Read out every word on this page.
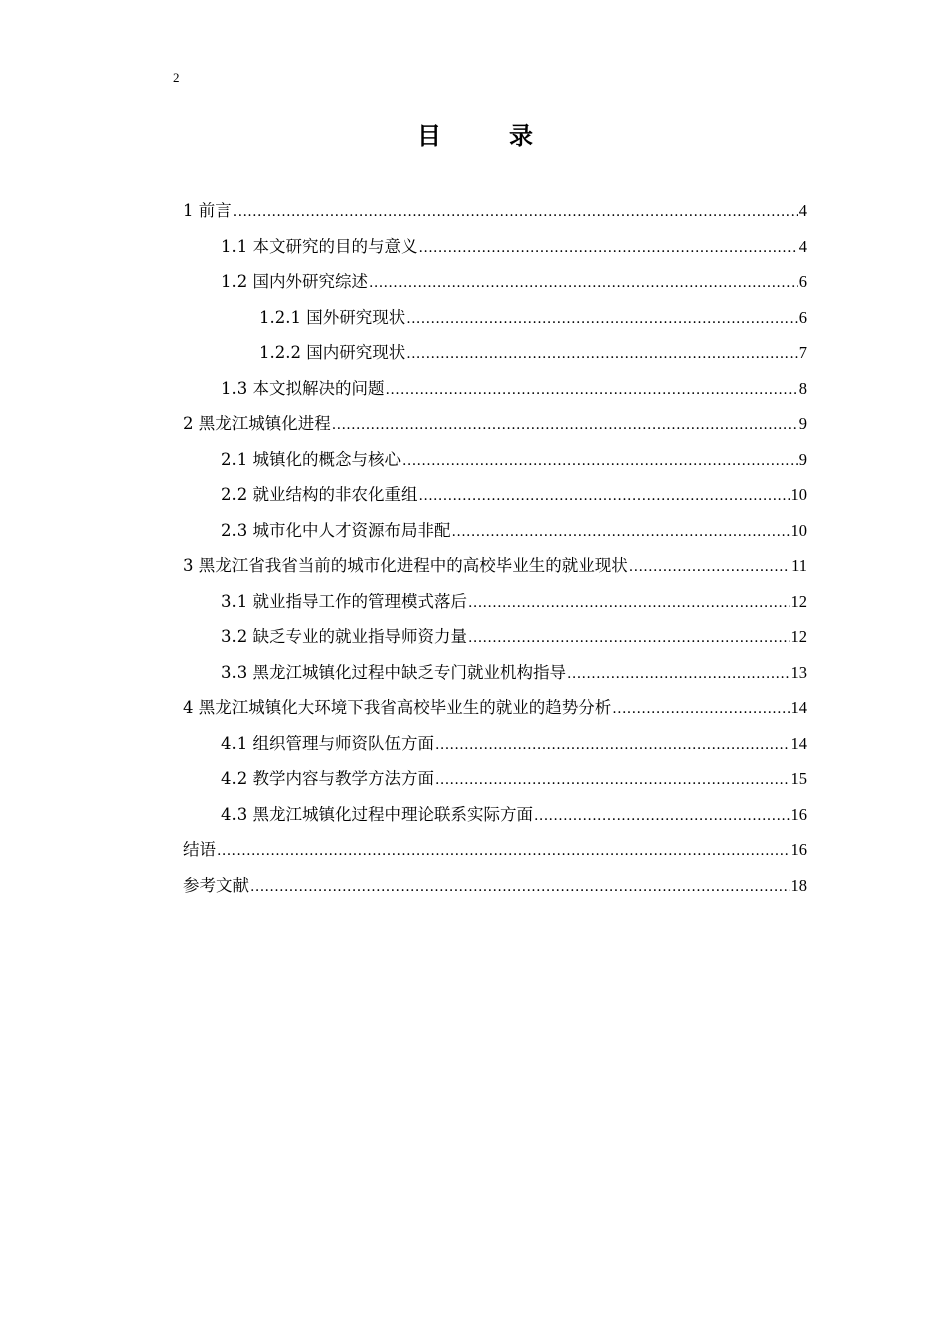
2
目　录
1 前言 .....	4
1.1 本文研究的目的与意义 .....	4
1.2 国内外研究综述 .....	6
1.2.1 国外研究现状 .....	6
1.2.2 国内研究现状 .....	7
1.3 本文拟解决的问题 .....	8
2 黑龙江城镇化进程 .....	9
2.1 城镇化的概念与核心 .....	9
2.2 就业结构的非农化重组 .....	10
2.3 城市化中人才资源布局非配 .....	10
3 黑龙江省我省当前的城市化进程中的高校毕业生的就业现状 .....	11
3.1 就业指导工作的管理模式落后 .....	12
3.2 缺乏专业的就业指导师资力量 .....	12
3.3 黑龙江城镇化过程中缺乏专门就业机构指导 .....	13
4 黑龙江城镇化大环境下我省高校毕业生的就业的趋势分析 .....	14
4.1 组织管理与师资队伍方面 .....	14
4.2 教学内容与教学方法方面 .....	15
4.3 黑龙江城镇化过程中理论联系实际方面 .....	16
结语 .....	16
参考文献 .....	18
